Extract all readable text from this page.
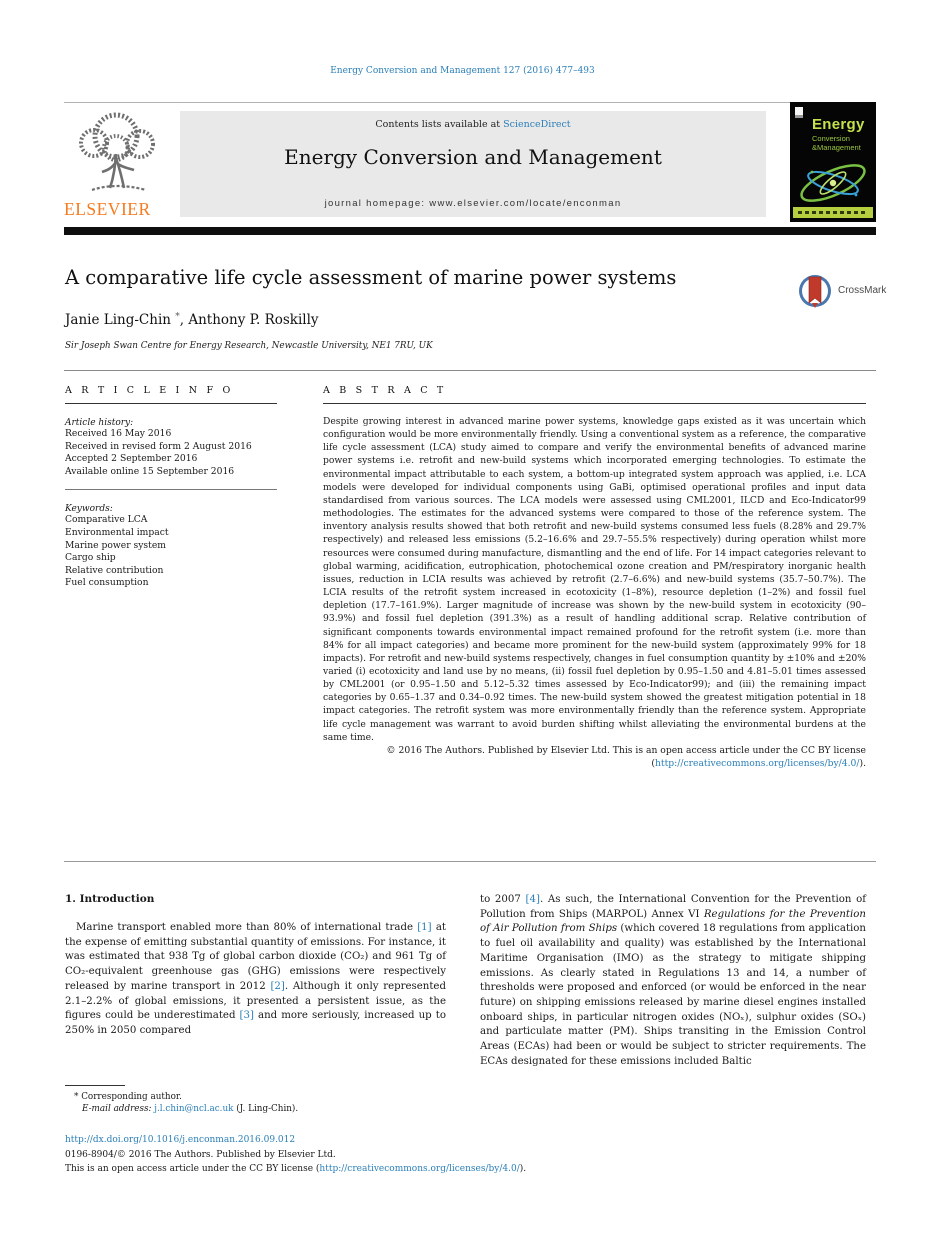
Energy Conversion and Management 127 (2016) 477–493
ELSEVIER
Contents lists available at ScienceDirect
Energy Conversion and Management
journal homepage: www.elsevier.com/locate/enconman
Energy
Conversion
&Management
A comparative life cycle assessment of marine power systems
CrossMark
Janie Ling-Chin *, Anthony P. Roskilly
Sir Joseph Swan Centre for Energy Research, Newcastle University, NE1 7RU, UK
A R T I C L E I N F O
Article history:
Received 16 May 2016
Received in revised form 2 August 2016
Accepted 2 September 2016
Available online 15 September 2016
Keywords:
Comparative LCA
Environmental impact
Marine power system
Cargo ship
Relative contribution
Fuel consumption
A B S T R A C T
Despite growing interest in advanced marine power systems, knowledge gaps existed as it was uncertain which configuration would be more environmentally friendly. Using a conventional system as a reference, the comparative life cycle assessment (LCA) study aimed to compare and verify the environmental benefits of advanced marine power systems i.e. retrofit and new-build systems which incorporated emerging technologies. To estimate the environmental impact attributable to each system, a bottom-up integrated system approach was applied, i.e. LCA models were developed for individual components using GaBi, optimised operational profiles and input data standardised from various sources. The LCA models were assessed using CML2001, ILCD and Eco-Indicator99 methodologies. The estimates for the advanced systems were compared to those of the reference system. The inventory analysis results showed that both retrofit and new-build systems consumed less fuels (8.28% and 29.7% respectively) and released less emissions (5.2–16.6% and 29.7–55.5% respectively) during operation whilst more resources were consumed during manufacture, dismantling and the end of life. For 14 impact categories relevant to global warming, acidification, eutrophication, photochemical ozone creation and PM/respiratory inorganic health issues, reduction in LCIA results was achieved by retrofit (2.7–6.6%) and new-build systems (35.7–50.7%). The LCIA results of the retrofit system increased in ecotoxicity (1–8%), resource depletion (1–2%) and fossil fuel depletion (17.7–161.9%). Larger magnitude of increase was shown by the new-build system in ecotoxicity (90–93.9%) and fossil fuel depletion (391.3%) as a result of handling additional scrap. Relative contribution of significant components towards environmental impact remained profound for the retrofit system (i.e. more than 84% for all impact categories) and became more prominent for the new-build system (approximately 99% for 18 impacts). For retrofit and new-build systems respectively, changes in fuel consumption quantity by ±10% and ±20% varied (i) ecotoxicity and land use by no means, (ii) fossil fuel depletion by 0.95–1.50 and 4.81–5.01 times assessed by CML2001 (or 0.95–1.50 and 5.12–5.32 times assessed by Eco-Indicator99); and (iii) the remaining impact categories by 0.65–1.37 and 0.34–0.92 times. The new-build system showed the greatest mitigation potential in 18 impact categories. The retrofit system was more environmentally friendly than the reference system. Appropriate life cycle management was warrant to avoid burden shifting whilst alleviating the environmental burdens at the same time.
© 2016 The Authors. Published by Elsevier Ltd. This is an open access article under the CC BY license (http://creativecommons.org/licenses/by/4.0/).
1. Introduction
Marine transport enabled more than 80% of international trade [1] at the expense of emitting substantial quantity of emissions. For instance, it was estimated that 938 Tg of global carbon dioxide (CO₂) and 961 Tg of CO₂-equivalent greenhouse gas (GHG) emissions were respectively released by marine transport in 2012 [2]. Although it only represented 2.1–2.2% of global emissions, it presented a persistent issue, as the figures could be underestimated [3] and more seriously, increased up to 250% in 2050 compared
to 2007 [4]. As such, the International Convention for the Prevention of Pollution from Ships (MARPOL) Annex VI Regulations for the Prevention of Air Pollution from Ships (which covered 18 regulations from application to fuel oil availability and quality) was established by the International Maritime Organisation (IMO) as the strategy to mitigate shipping emissions. As clearly stated in Regulations 13 and 14, a number of thresholds were proposed and enforced (or would be enforced in the near future) on shipping emissions released by marine diesel engines installed onboard ships, in particular nitrogen oxides (NOₓ), sulphur oxides (SOₓ) and particulate matter (PM). Ships transiting in the Emission Control Areas (ECAs) had been or would be subject to stricter requirements. The ECAs designated for these emissions included Baltic
* Corresponding author.
E-mail address: j.l.chin@ncl.ac.uk (J. Ling-Chin).
http://dx.doi.org/10.1016/j.enconman.2016.09.012
0196-8904/© 2016 The Authors. Published by Elsevier Ltd.
This is an open access article under the CC BY license (http://creativecommons.org/licenses/by/4.0/).
